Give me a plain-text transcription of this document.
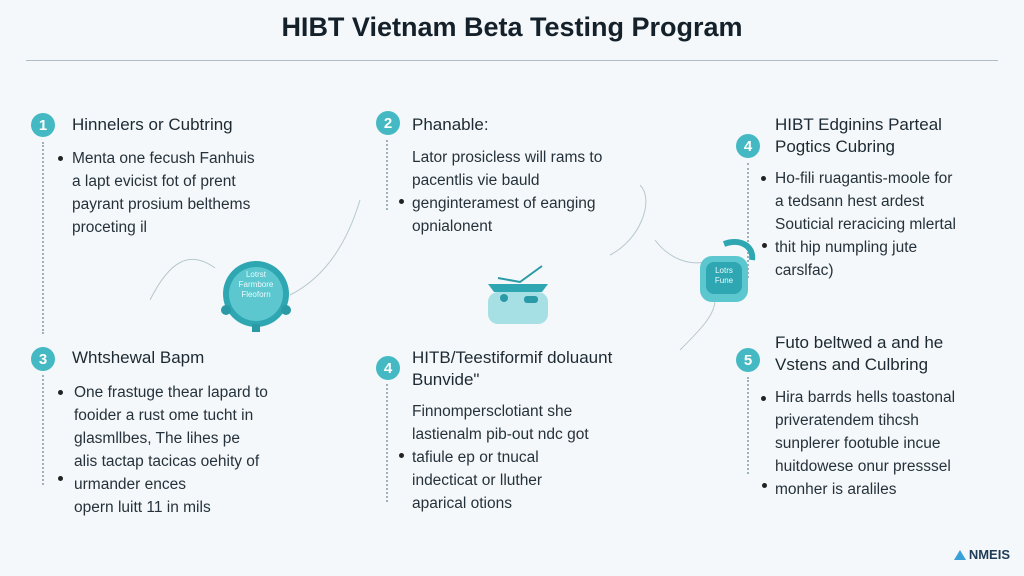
HIBT Vietnam Beta Testing Program
1	Hinnelers or Cubtring
Menta one fecush Fanhuis
a lapt evicist fot of prent
payrant prosium belthems
proceting il
2	Phanable:
Lator prosicless will rams to
pacentlis vie bauld
genginteramest of eanging
opnialonent
3	Whtshewal Bapm
One frastuge thear lapard to
fooider a rust ome tucht in
glasmllbes, The lihes pe
alis tactap tacicas oehity of
urmander ences
opern luitt 11 in mils
4
HITB/Teestiformif doluaunt
Bunvide"
Finnompersclotiant she
lastienalm pib-out ndc got
tafiule ep or tnucal
indecticat or lluther
aparical otions
4
HIBT Edginins Parteal
Pogtics Cubring
Ho-fili ruagantis-moole for
a tedsann hest ardest
Souticial reracicing mlertal
thit hip numpling jute
carslfac)
5
Futo beltwed a and he
Vstens and Culbring
Hira barrds hells toastonal
priveratendem tihcsh
sunplerer footuble incue
huitdowese onur presssel
monher is araliles
Lotrst
Farmbore
Fleoforn
Lotrs
Fune
NMEIS
